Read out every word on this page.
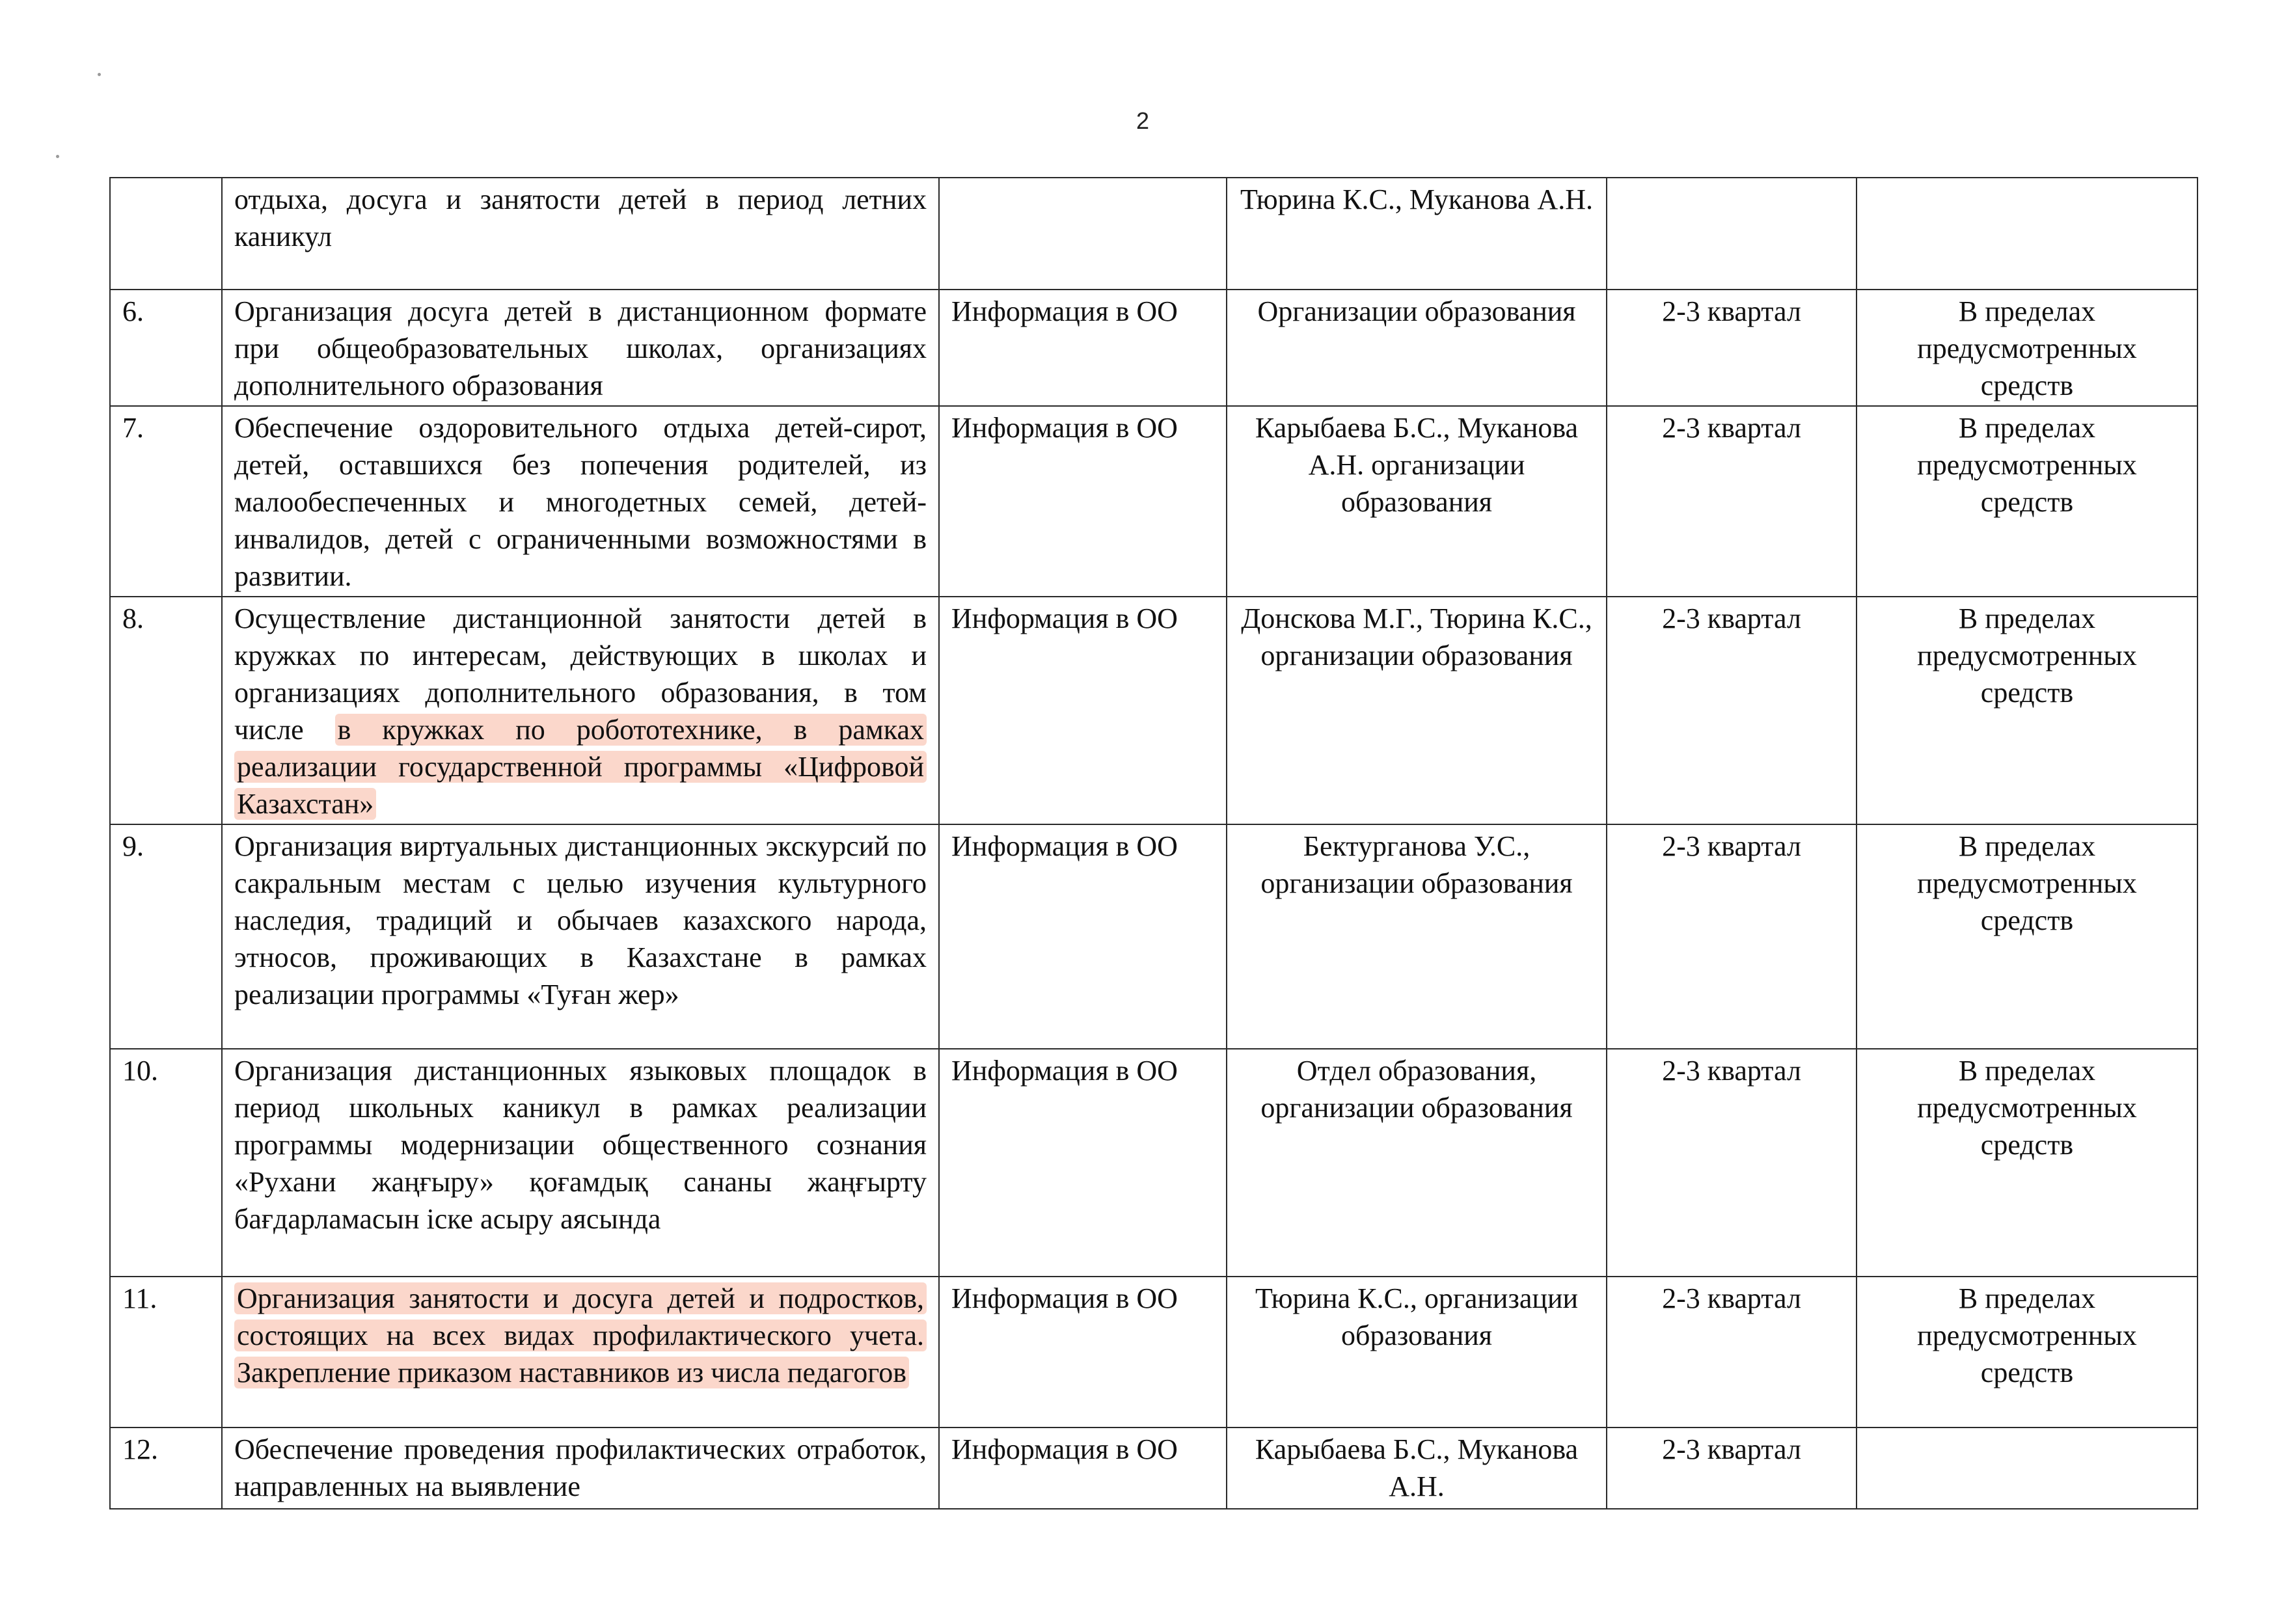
2
	отдыха, досуга и занятости детей в период летних каникул		Тюрина К.С., Муканова А.Н.		
6.	Организация досуга детей в дистанционном формате при общеобразовательных школах, организациях дополнительного образования	Информация в ОО	Организации образования	2-3 квартал	В пределах предусмотренных средств
7.	Обеспечение оздоровительного отдыха детей-сирот, детей, оставшихся без попечения родителей, из малообеспеченных и многодетных семей, детей-инвалидов, детей с ограниченными возможностями в развитии.	Информация в ОО	Карыбаева Б.С., Муканова А.Н. организации образования	2-3 квартал	В пределах предусмотренных средств
8.	Осуществление дистанционной занятости детей в кружках по интересам, действующих в школах и организациях дополнительного образования, в том числе в кружках по робототехнике, в рамках реализации государственной программы «Цифровой Казахстан»	Информация в ОО	Донскова М.Г., Тюрина К.С., организации образования	2-3 квартал	В пределах предусмотренных средств
9.	Организация виртуальных дистанционных экскурсий по сакральным местам с целью изучения культурного наследия, традиций и обычаев казахского народа, этносов, проживающих в Казахстане в рамках реализации программы «Туған жер»	Информация в ОО	Бектурганова У.С., организации образования	2-3 квартал	В пределах предусмотренных средств
10.	Организация дистанционных языковых площадок в период школьных каникул в рамках реализации программы модернизации общественного сознания «Рухани жаңғыру» қоғамдық сананы жаңғырту бағдарламасын іске асыру аясында	Информация в ОО	Отдел образования, организации образования	2-3 квартал	В пределах предусмотренных средств
11.	Организация занятости и досуга детей и подростков, состоящих на всех видах профилактического учета. Закрепление приказом наставников из числа педагогов	Информация в ОО	Тюрина К.С., организации образования	2-3 квартал	В пределах предусмотренных средств
12.	Обеспечение проведения профилактических отработок, направленных на выявление	Информация в ОО	Карыбаева Б.С., Муканова А.Н.	2-3 квартал	
